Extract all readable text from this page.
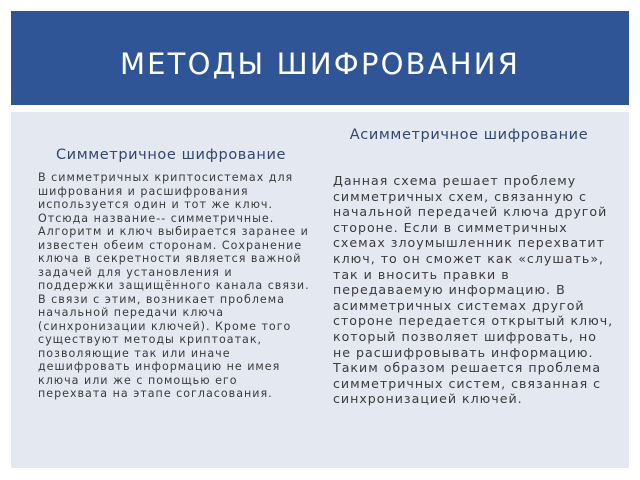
МЕТОДЫ ШИФРОВАНИЯ
Симметричное шифрование

В симметричных криптосистемах для шифрования и расшифрования используется один и тот же ключ. Отсюда название-- симметричные. Алгоритм и ключ выбирается заранее и известен обеим сторонам. Сохранение ключа в секретности является важной задачей для установления и поддержки защищённого канала связи. В связи с этим, возникает проблема начальной передачи ключа (синхронизации ключей). Кроме того существуют методы криптоатак, позволяющие так или иначе дешифровать информацию не имея ключа или же с помощью его перехвата на этапе согласования.

Асимметричное шифрование

Данная схема решает проблему симметричных схем, связанную с начальной передачей ключа другой стороне. Если в симметричных схемах злоумышленник перехватит ключ, то он сможет как «слушать», так и вносить правки в передаваемую информацию. В асимметричных системах другой стороне передается открытый ключ, который позволяет шифровать, но не расшифровывать информацию. Таким образом решается проблема симметричных систем, связанная с синхронизацией ключей.
